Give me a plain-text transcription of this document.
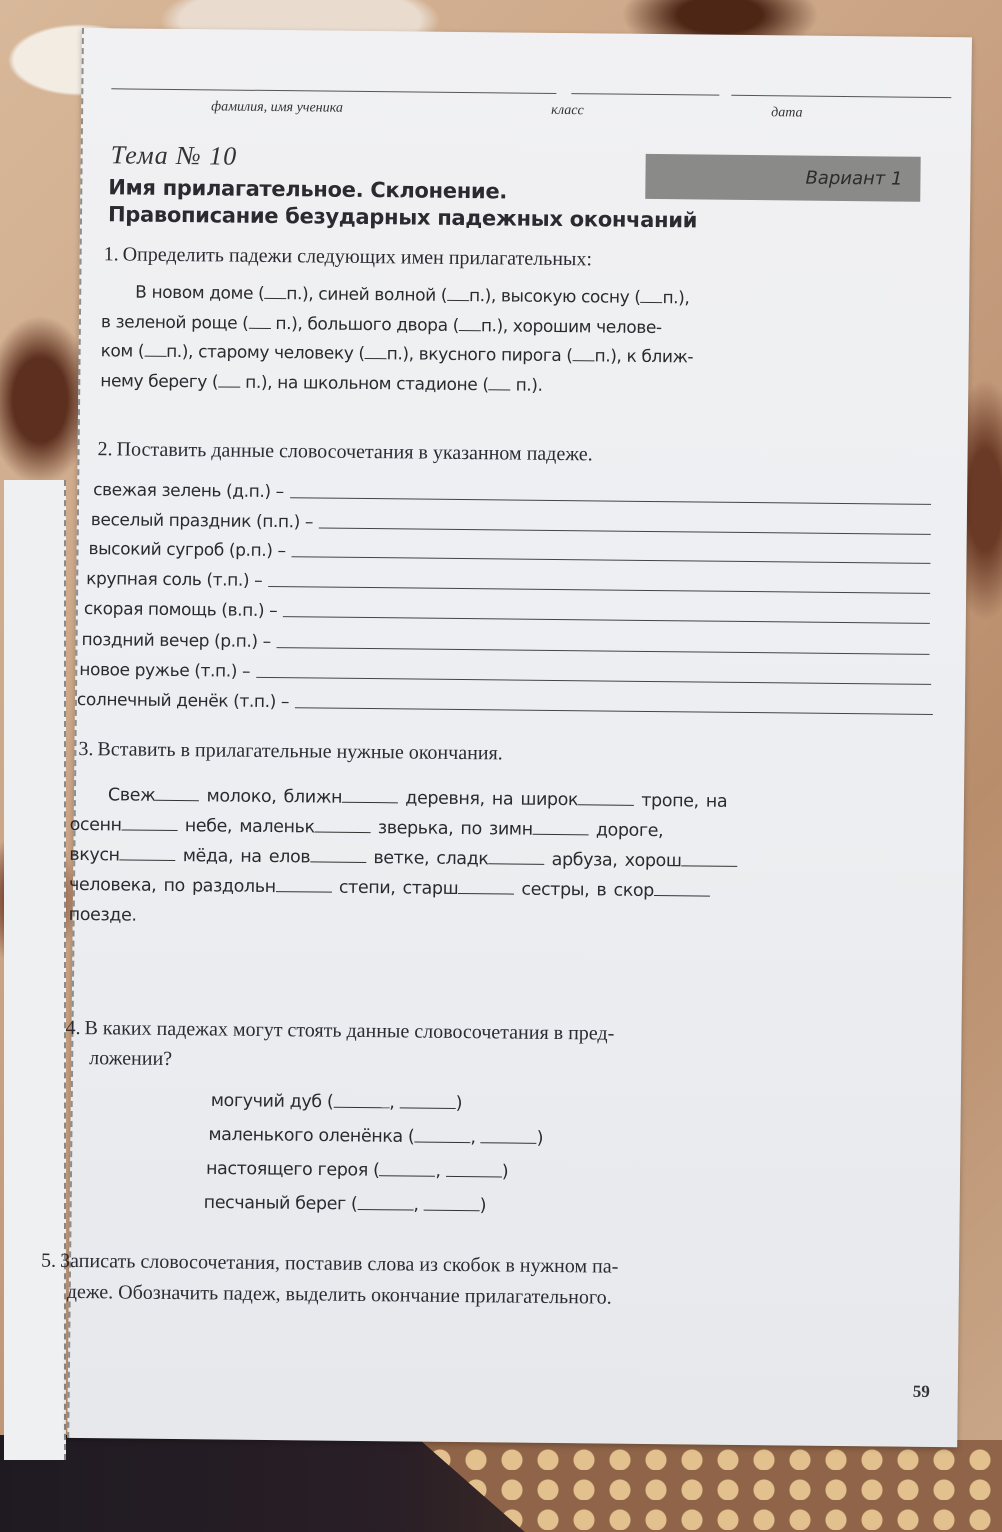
фамилия, имя ученика	класс	дата
Тема № 10
Имя прилагательное. Склонение.
Правописание безударных падежных окончаний
Вариант 1
1. Определить падежи следующих имен прилагательных:
В новом доме ( п.), синей волной ( п.), высокую сосну ( п.),
в зеленой роще ( п.), большого двора ( п.), хорошим челове-
ком ( п.), старому человеку ( п.), вкусного пирога ( п.), к ближ-
нему берегу ( п.), на школьном стадионе ( п.).
2. Поставить данные словосочетания в указанном падеже.
свежая зелень (д.п.) –
веселый праздник (п.п.) –
высокий сугроб (р.п.) –
крупная соль (т.п.) –
скорая помощь (в.п.) –
поздний вечер (р.п.) –
новое ружье (т.п.) –
солнечный денёк (т.п.) –
3. Вставить в прилагательные нужные окончания.
Свеж	молоко, ближн	деревня, на широк	тропе, на
осенн	небе, маленьк	зверька, по зимн	дороге,
вкусн	мёда, на елов	ветке, сладк	арбуза, хорош
человека, по раздольн	степи, старш	сестры, в скор
поезде.
4. В каких падежах могут стоять данные словосочетания в пред-
ложении?
могучий дуб (	,	)
маленького оленёнка (	,	)
настоящего героя (	,	)
песчаный берег (	,	)
5. Записать словосочетания, поставив слова из скобок в нужном па-
деже. Обозначить падеж, выделить окончание прилагательного.
59
